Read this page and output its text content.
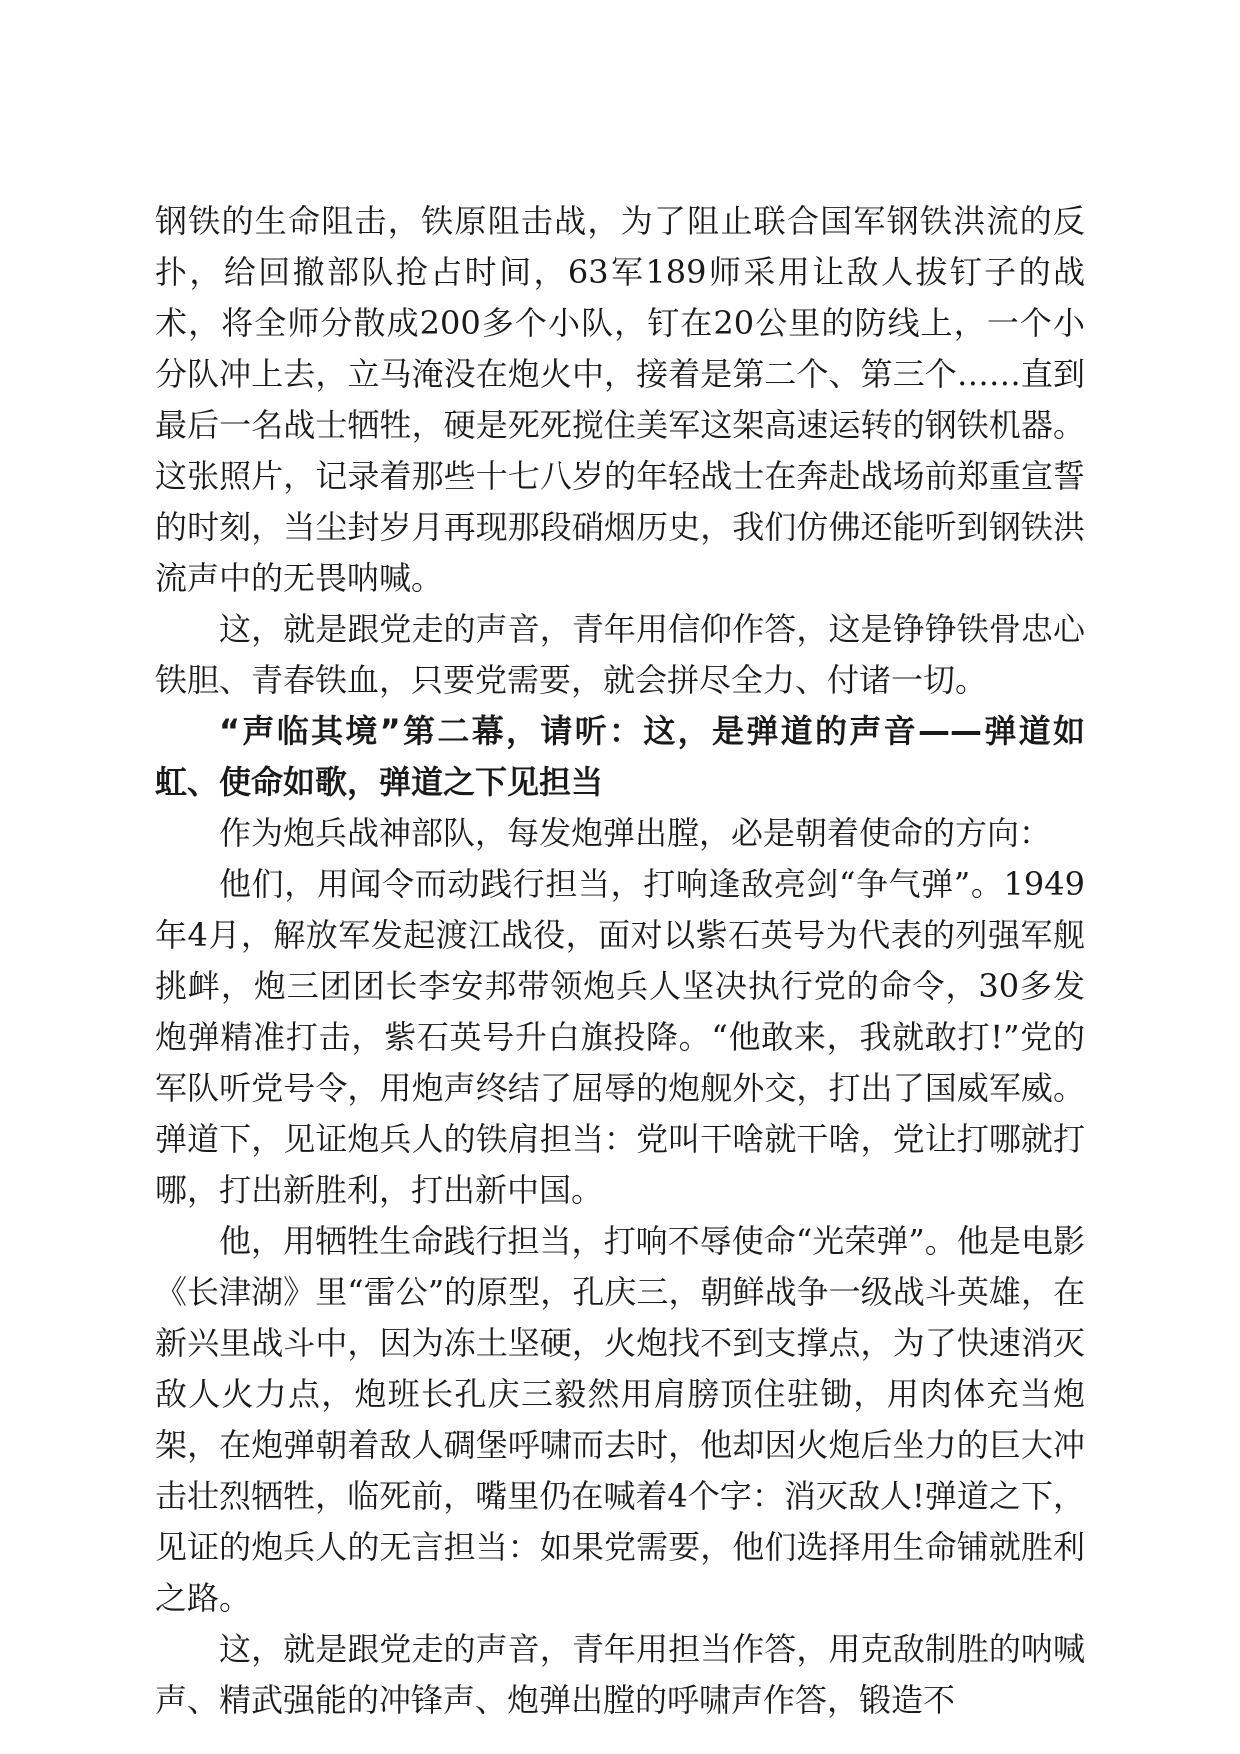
钢铁的生命阻击，铁原阻击战，为了阻止联合国军钢铁洪流的反扑，给回撤部队抢占时间，63军189师采用让敌人拔钉子的战术，将全师分散成200多个小队，钉在20公里的防线上，一个小分队冲上去，立马淹没在炮火中，接着是第二个、第三个……直到最后一名战士牺牲，硬是死死搅住美军这架高速运转的钢铁机器。这张照片，记录着那些十七八岁的年轻战士在奔赴战场前郑重宣誓的时刻，当尘封岁月再现那段硝烟历史，我们仿佛还能听到钢铁洪流声中的无畏呐喊。

这，就是跟党走的声音，青年用信仰作答，这是铮铮铁骨忠心铁胆、青春铁血，只要党需要，就会拼尽全力、付诸一切。

“声临其境”第二幕，请听：这，是弹道的声音——弹道如虹、使命如歌，弹道之下见担当

作为炮兵战神部队，每发炮弹出膛，必是朝着使命的方向：

他们，用闻令而动践行担当，打响逢敌亮剑“争气弹”。1949年4月，解放军发起渡江战役，面对以紫石英号为代表的列强军舰挑衅，炮三团团长李安邦带领炮兵人坚决执行党的命令，30多发炮弹精准打击，紫石英号升白旗投降。“他敢来，我就敢打!”党的军队听党号令，用炮声终结了屈辱的炮舰外交，打出了国威军威。弹道下，见证炮兵人的铁肩担当：党叫干啥就干啥，党让打哪就打哪，打出新胜利，打出新中国。

他，用牺牲生命践行担当，打响不辱使命“光荣弹”。他是电影《长津湖》里“雷公”的原型，孔庆三，朝鲜战争一级战斗英雄，在新兴里战斗中，因为冻土坚硬，火炮找不到支撑点，为了快速消灭敌人火力点，炮班长孔庆三毅然用肩膀顶住驻锄，用肉体充当炮架，在炮弹朝着敌人碉堡呼啸而去时，他却因火炮后坐力的巨大冲击壮烈牺牲，临死前，嘴里仍在喊着4个字：消灭敌人!弹道之下，见证的炮兵人的无言担当：如果党需要，他们选择用生命铺就胜利之路。

这，就是跟党走的声音，青年用担当作答，用克敌制胜的呐喊声、精武强能的冲锋声、炮弹出膛的呼啸声作答，锻造不
